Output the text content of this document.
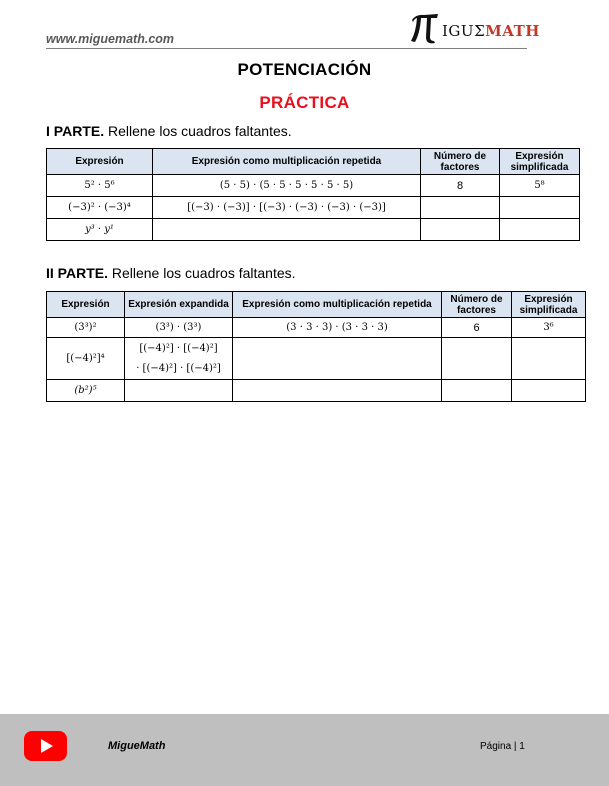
www.miguemath.com	IGUΣMATH
POTENCIACIÓN
PRÁCTICA
I PARTE. Rellene los cuadros faltantes.
Expresión	Expresión como multiplicación repetida	Número de factores	Expresión simplificada
5² · 5⁶	(5 · 5) · (5 · 5 · 5 · 5 · 5 · 5)	8	5⁸
(−3)² · (−3)⁴	[(−3) · (−3)] · [(−3) · (−3) · (−3) · (−3)]		
y³ · y¹			
II PARTE. Rellene los cuadros faltantes.
Expresión	Expresión expandida	Expresión como multiplicación repetida	Número de factores	Expresión simplificada
(3³)²	(3³) · (3³)	(3 · 3 · 3) · (3 · 3 · 3)	6	3⁶
[(−4)²]⁴	[(−4)²] · [(−4)²]
· [(−4)²] · [(−4)²]			

(b²)⁵				
MigueMath	Página | 1
